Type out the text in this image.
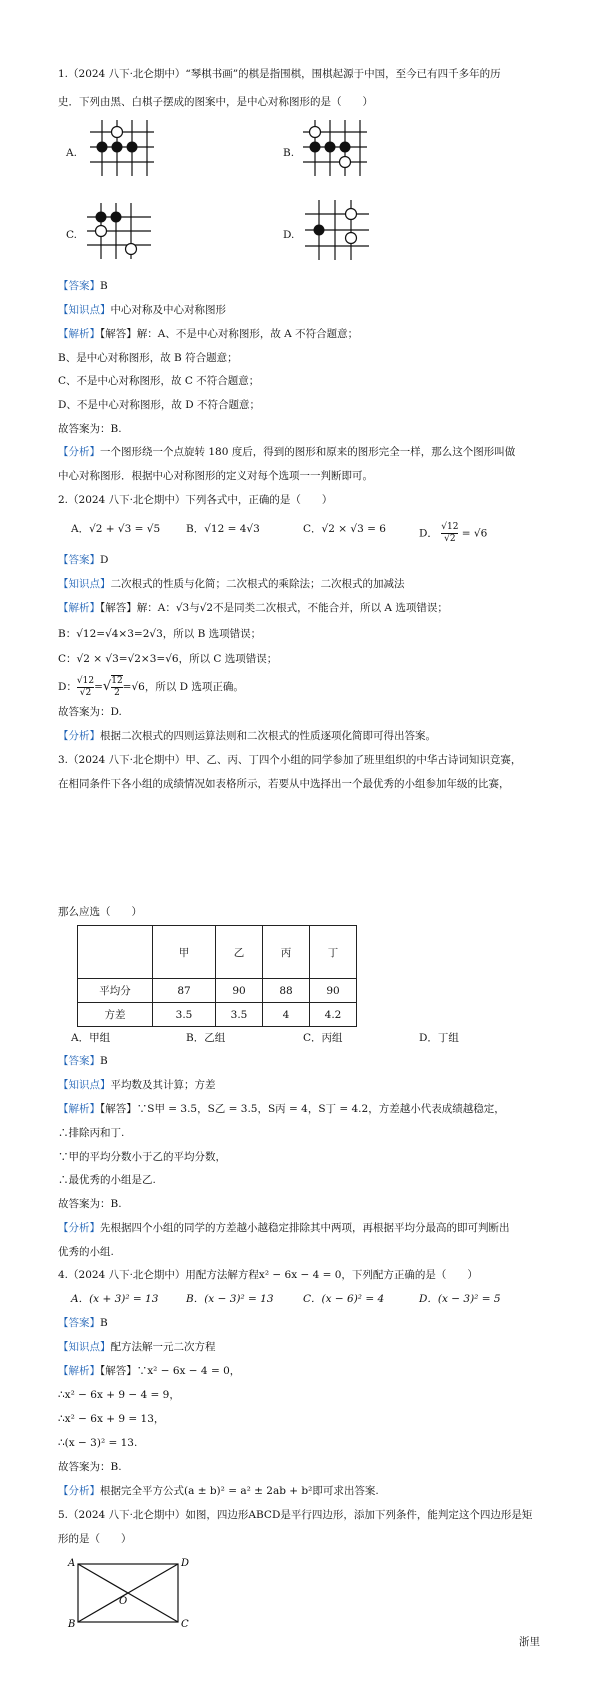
1.（2024 八下·北仑期中）“琴棋书画”的棋是指围棋，围棋起源于中国，至今已有四千多年的历
史．下列由黑、白棋子摆成的图案中，是中心对称图形的是（　　）
A.	B.
C.	D.
【答案】B
【知识点】中心对称及中心对称图形
【解析】【解答】解：A、不是中心对称图形，故 A 不符合题意；
B、是中心对称图形，故 B 符合题意；
C、不是中心对称图形，故 C 不符合题意；
D、不是中心对称图形，故 D 不符合题意；
故答案为：B.
【分析】一个图形绕一个点旋转 180 度后，得到的图形和原来的图形完全一样，那么这个图形叫做
中心对称图形．根据中心对称图形的定义对每个选项一一判断即可。
2.（2024 八下·北仑期中）下列各式中，正确的是（　　）
A．√2 + √3 = √5 B．√12 = 4√3	C．√2 × √3 = 6	D． $\frac{√12}{√2} = √6$
【答案】D
【知识点】二次根式的性质与化简；二次根式的乘除法；二次根式的加减法
【解析】【解答】解：A：√3与√2不是同类二次根式，不能合并，所以 A 选项错误；
B：√12=√4×3=2√3，所以 B 选项错误；
C：√2 × √3=√2×3=√6，所以 C 选项错误；
D： $\frac{√12}{√2}$ =√ $\frac{12}{2} =√6$，所以 D 选项正确。
故答案为：D.
【分析】根据二次根式的四则运算法则和二次根式的性质逐项化简即可得出答案。
3.（2024 八下·北仑期中）甲、乙、丙、丁四个小组的同学参加了班里组织的中华古诗词知识竞赛，
在相同条件下各小组的成绩情况如表格所示，若要从中选择出一个最优秀的小组参加年级的比赛，
那么应选（　　）
	甲	乙	丙	丁
平均分	87	90	88	90
方差	3.5	3.5	4	4.2
A．甲组	B．乙组	C．丙组	D．丁组
【答案】B
【知识点】平均数及其计算；方差
【解析】【解答】∵S甲 = 3.5，S乙 = 3.5，S丙 = 4，S丁 = 4.2，方差越小代表成绩越稳定，
∴排除丙和丁.
∵甲的平均分数小于乙的平均分数，
∴最优秀的小组是乙.
故答案为：B.
【分析】先根据四个小组的同学的方差越小越稳定排除其中两项，再根据平均分最高的即可判断出
优秀的小组.
4.（2024 八下·北仑期中）用配方法解方程x² − 6x − 4 = 0，下列配方正确的是（　　）
A．(x + 3)² = 13	B．(x − 3)² = 13	C．(x − 6)² = 4	D．(x − 3)² = 5
【答案】B
【知识点】配方法解一元二次方程
【解析】【解答】∵x² − 6x − 4 = 0，
∴x² − 6x + 9 − 4 = 9，
∴x² − 6x + 9 = 13，
∴(x − 3)² = 13.
故答案为：B.
【分析】根据完全平方公式(a ± b)² = a² ± 2ab + b²即可求出答案.
5.（2024 八下·北仑期中）如图，四边形ABCD是平行四边形，添加下列条件，能判定这个四边形是矩
形的是（　　）
A	D
B	C
O
浙里
